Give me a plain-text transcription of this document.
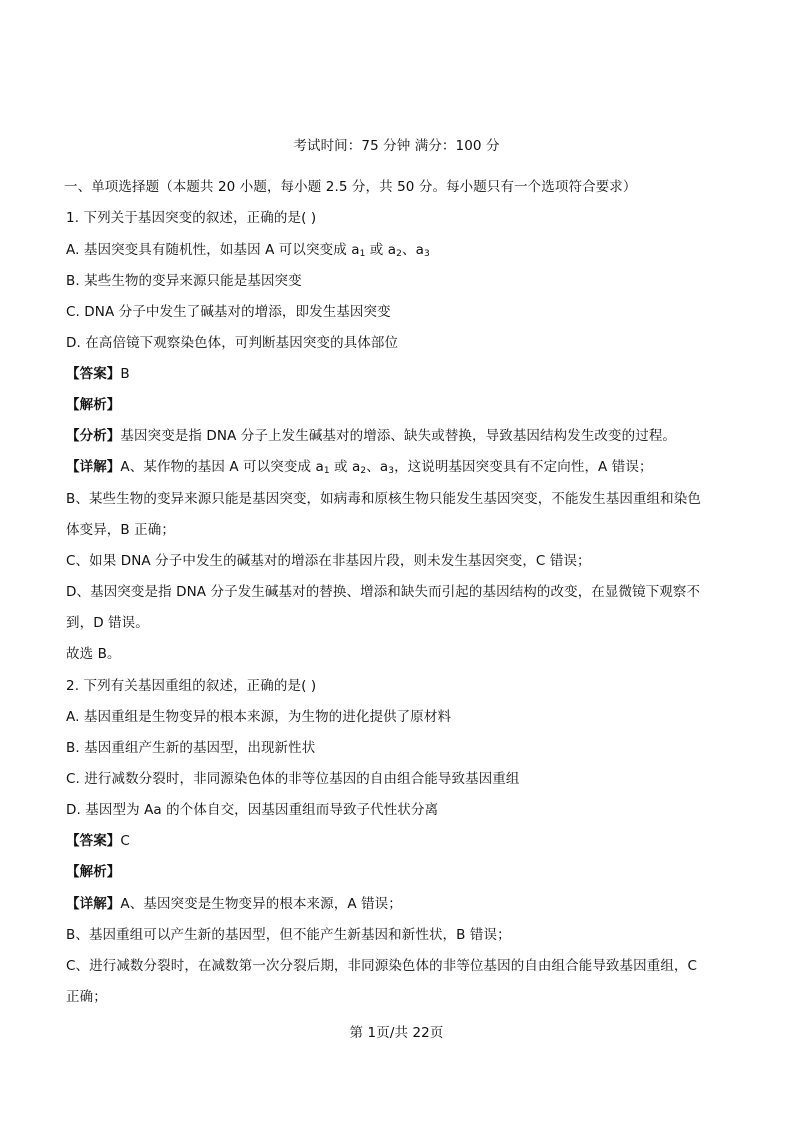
考试时间：75 分钟 满分：100 分
一、单项选择题（本题共 20 小题，每小题 2.5 分，共 50 分。每小题只有一个选项符合要求）
1. 下列关于基因突变的叙述，正确的是( )
A. 基因突变具有随机性，如基因 A 可以突变成 $a_1$ 或 $a_2$、$a_3$
B. 某些生物的变异来源只能是基因突变
C. DNA 分子中发生了碱基对的增添，即发生基因突变
D. 在高倍镜下观察染色体，可判断基因突变的具体部位
【答案】B
【解析】
【分析】基因突变是指 DNA 分子上发生碱基对的增添、缺失或替换，导致基因结构发生改变的过程。
【详解】A、某作物的基因 A 可以突变成 $a_1$ 或 $a_2$、$a_3$，这说明基因突变具有不定向性，A 错误；
B、某些生物的变异来源只能是基因突变，如病毒和原核生物只能发生基因突变，不能发生基因重组和染色
体变异，B 正确；
C、如果 DNA 分子中发生的碱基对的增添在非基因片段，则未发生基因突变，C 错误；
D、基因突变是指 DNA 分子发生碱基对的替换、增添和缺失而引起的基因结构的改变，在显微镜下观察不
到，D 错误。
故选 B。
2. 下列有关基因重组的叙述，正确的是( )
A. 基因重组是生物变异的根本来源，为生物的进化提供了原材料
B. 基因重组产生新的基因型，出现新性状
C. 进行减数分裂时，非同源染色体的非等位基因的自由组合能导致基因重组
D. 基因型为 Aa 的个体自交，因基因重组而导致子代性状分离
【答案】C
【解析】
【详解】A、基因突变是生物变异的根本来源，A 错误；
B、基因重组可以产生新的基因型，但不能产生新基因和新性状，B 错误；
C、进行减数分裂时，在减数第一次分裂后期，非同源染色体的非等位基因的自由组合能导致基因重组，C
正确；
第 1页/共 22页
